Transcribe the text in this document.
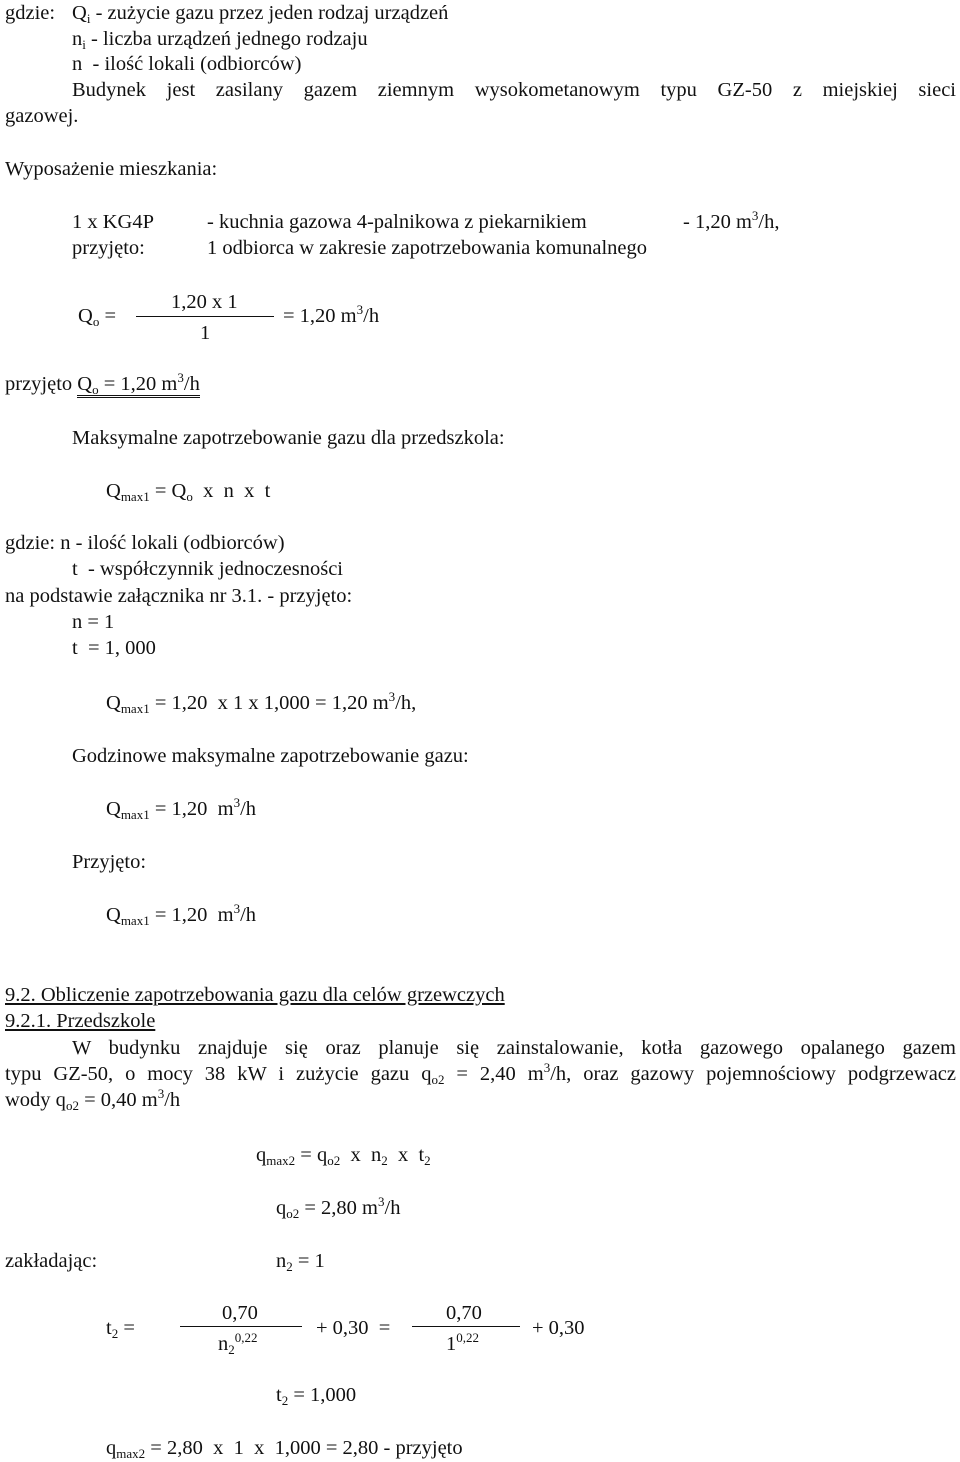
gdzie: $Q_i$ - zużycie gazu przez jeden rodzaj urządzeń
$n_i$ - liczba urządzeń jednego rodzaju
n  - ilość lokali (odbiorców)
Budynek jest zasilany gazem ziemnym wysokometanowym typu GZ-50 z miejskiej sieci
gazowej.
Wyposażenie mieszkania:
1 x KG4P	- kuchnia gazowa 4-palnikowa z piekarnikiem	- 1,20 $m^3/h$,
przyjęto:	1 odbiorca w zakresie zapotrzebowania komunalnego
$Q_o$ =
1,20 x 1
1
= 1,20 $m^3/h$
przyjęto $Q_o = 1,20$ $m^3/h$
Maksymalne zapotrzebowanie gazu dla przedszkola:
$Q_{max1} = Q_o$  x  n  x  t
gdzie: n - ilość lokali (odbiorców)
t  - współczynnik jednoczesności
na podstawie załącznika nr 3.1. - przyjęto:
n = 1
t  = 1, 000
$Q_{max1} = 1,20$  x 1 x 1,000 = 1,20 $m^3/h$,
Godzinowe maksymalne zapotrzebowanie gazu:
$Q_{max1} = 1,20$  $m^3/h$
Przyjęto:
$Q_{max1} = 1,20$  $m^3/h$
9.2. Obliczenie zapotrzebowania gazu dla celów grzewczych
9.2.1. Przedszkole
W budynku znajduje się oraz planuje się zainstalowanie, kotła gazowego opalanego gazem
typu GZ-50, o mocy 38 kW i zużycie gazu $q_{o2} = 2,40$ $m^3/h$, oraz gazowy pojemnościowy podgrzewacz
wody $q_{o2} = 0,40$ $m^3/h$
$q_{max2} = q_{o2}$  x  $n_2$  x  $t_2$
$q_{o2} = 2,80$ $m^3/h$
zakładając:	$n_2 = 1$
$t_2$ =
0,70
$n_2^{0,22}$	+ 0,30  =
0,70
$1^{0,22}$	+ 0,30
$t_2 = 1,000$
$q_{max2} = 2,80$  x  1  x  1,000 = 2,80 - przyjęto
